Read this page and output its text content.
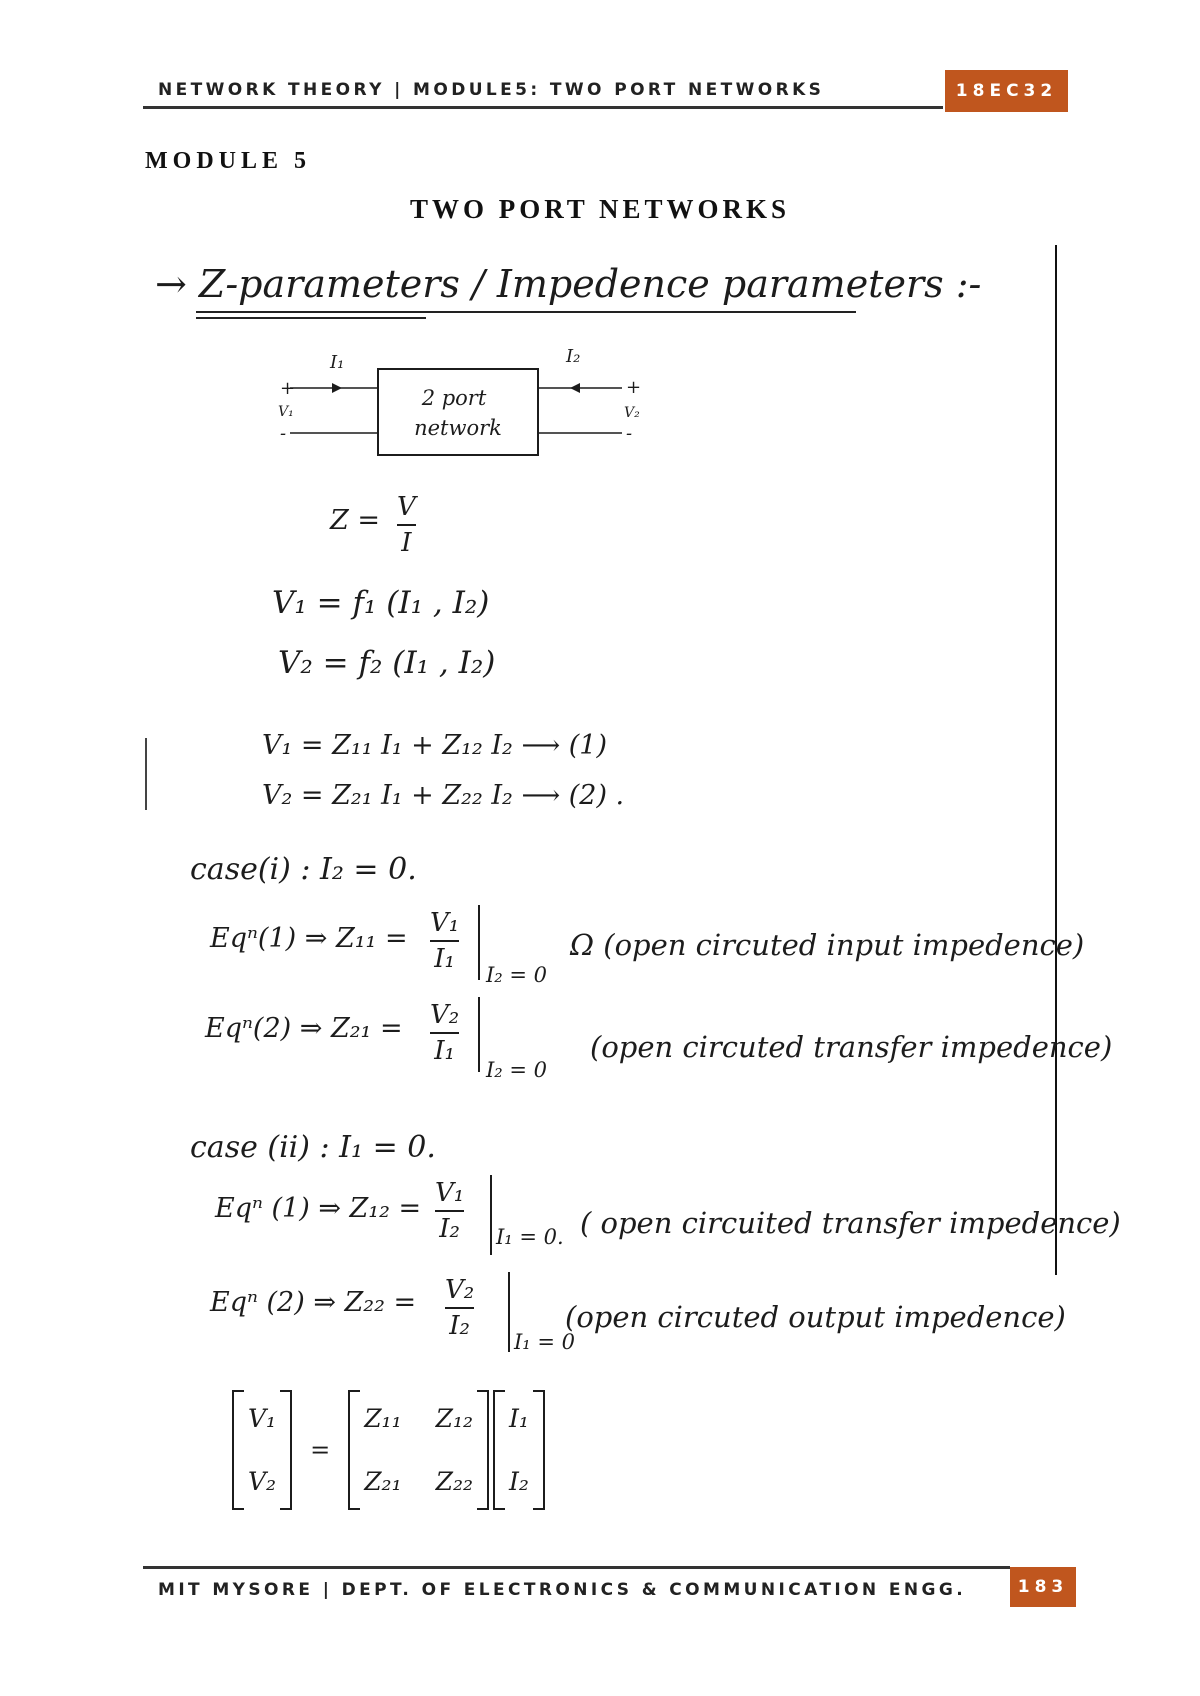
NETWORK THEORY | MODULE5: TWO PORT NETWORKS	18EC32
MODULE 5
TWO PORT NETWORKS
→ Z-parameters / Impedence parameters :-
2 port
network
I₁	I₂
+
V₁
-
+
V₂
-
Z = V
I
V₁ = f₁ (I₁ , I₂)
V₂ = f₂ (I₁ , I₂)
V₁ = Z₁₁ I₁ + Z₁₂ I₂ ⟶ (1)
V₂ = Z₂₁ I₁ + Z₂₂ I₂ ⟶ (2) .
case(i) : I₂ = 0.
Eqⁿ(1) ⇒ Z₁₁ = V₁
I₁
I₂ = 0
Ω (open circuted input impedence)
Eqⁿ(2) ⇒ Z₂₁ = V₂
I₁
I₂ = 0
(open circuted transfer impedence)
case (ii) : I₁ = 0.
Eqⁿ (1) ⇒ Z₁₂ = V₁
I₂ I₁ = 0. ( open circuited transfer impedence)
Eqⁿ (2) ⇒ Z₂₂ = V₂
I₂
I₁ = 0
(open circuted output impedence)
V₁
V₂
=
Z₁₁ Z₁₂
Z₂₁ Z₂₂
I₁
I₂
MIT MYSORE | DEPT. OF ELECTRONICS & COMMUNICATION ENGG.	183
